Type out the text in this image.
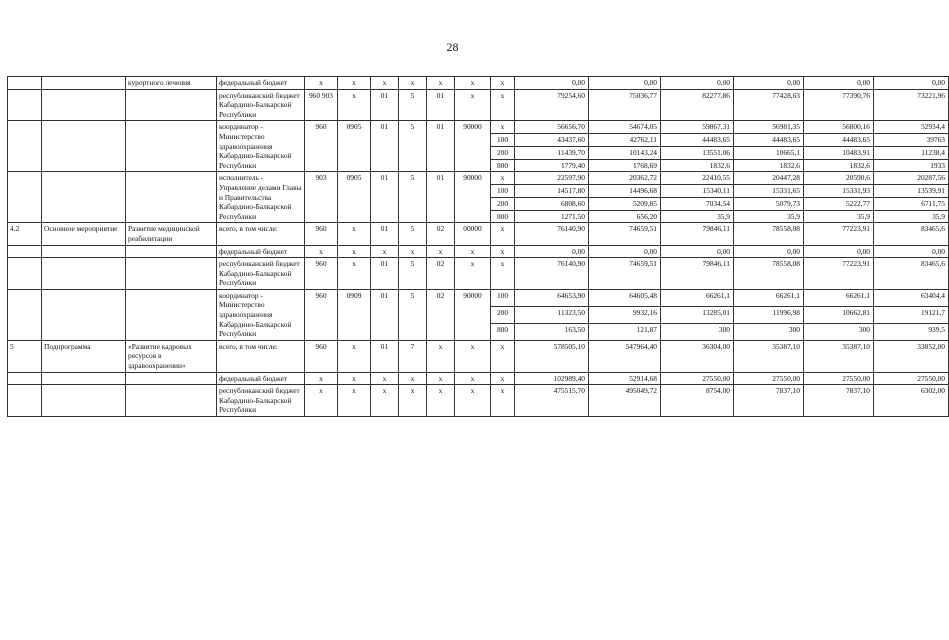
28
		курортного лечения	федеральный бюджет	х	х	х	х	х	х	х	0,00	0,00	0,00	0,00	0,00	0,00
			республиканский бюджет Кабардино-Балкарской Республики	960 903	х	01	5	01	х	х	79254,60	75036,77	82277,86	77428,63	77390,76	73221,96
			координатор - Министерство здравоохранения Кабардино-Балкарской Республики	960	0905	01	5	01	90000	х	56656,70	54674,05	59867,31	56981,35	56800,16	52934,4
										100	43437,60	42762,11	44483,65	44483,65	44483,65	39763
										200	11439,70	10143,24	13551,06	10665,1	10483,91	11238,4
										800	1779,40	1768,69	1832,6	1832,6	1832,6	1933
			исполнитель - Управление делами Главы и Правительства Кабардино-Балкарской Республики	903	0905	01	5	01	90000	х	22597,90	20362,72	22410,55	20447,28	20590,6	20287,56
										100	14517,80	14496,68	15340,11	15331,65	15331,93	13539,91
										200	6808,60	5209,85	7034,54	5079,73	5222,77	6711,75
										800	1271,50	656,20	35,9	35,9	35,9	35,9
4.2	Основное мероприятие	Развитие медицинской реабилитации	всего, в том числе:	960	х	01	5	02	00000	х	76140,90	74659,51	79846,11	78558,08	77223,91	83465,6
			федеральный бюджет	х	х	х	х	х	х	х	0,00	0,00	0,00	0,00	0,00	0,00
			республиканский бюджет Кабардино-Балкарской Республики	960	х	01	5	02	х	х	76140,90	74659,51	79846,11	78558,08	77223,91	83465,6
			координатор - Министерство здравоохранения Кабардино-Балкарской Республики	960	0909	01	5	02	90000	100	64653,90	64605,48	66261,1	66261,1	66261,1	63404,4
										200	11323,50	9932,16	13285,01	11996,98	10662,81	19121,7
										800	163,50	121,87	300	300	300	939,5
5	Подпрограмма	«Развитие кадровых ресурсов в здравоохранении»	всего, в том числе:	960	х	01	7	х	х	х	578505,10	547964,40	36304,00	35387,10	35387,10	33852,00
			федеральный бюджет	х	х	х	х	х	х	х	102989,40	52914,68	27550,00	27550,00	27550,00	27550,00
			республиканский бюджет Кабардино-Балкарской Республики	х	х	х	х	х	х	х	475515,70	495049,72	8754,00	7837,10	7837,10	6302,00
